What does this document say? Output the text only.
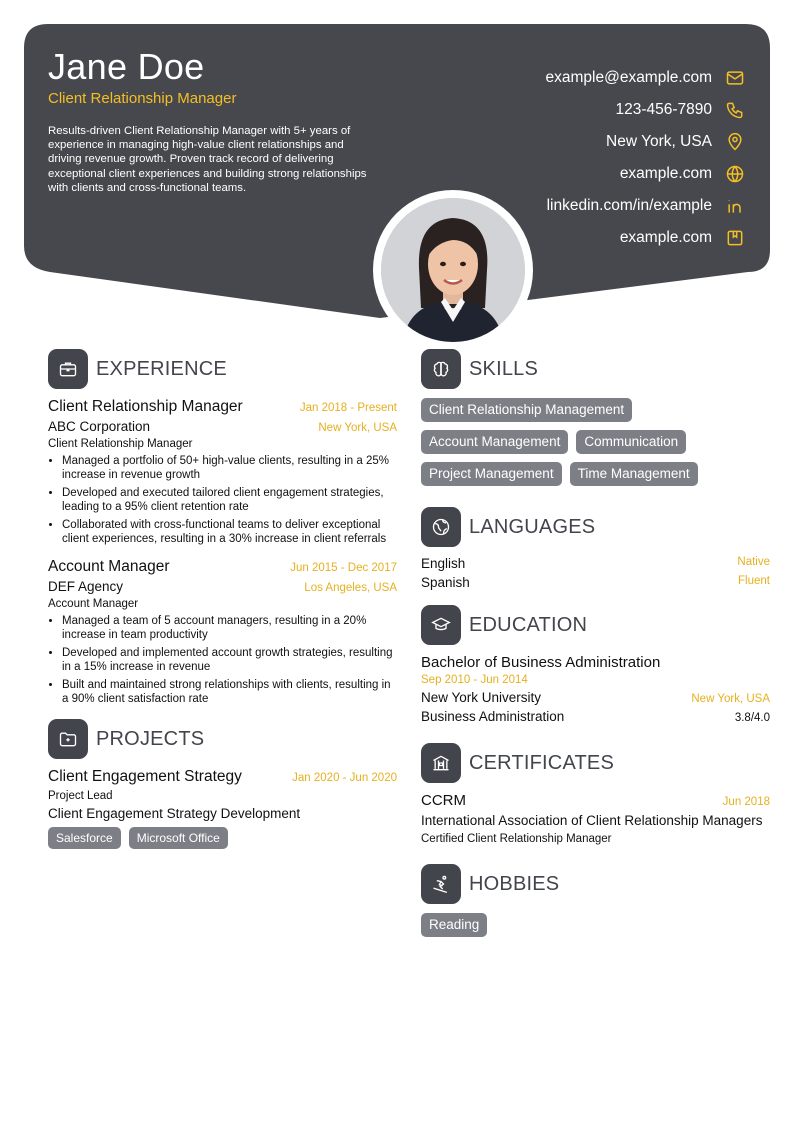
Jane Doe
Client Relationship Manager
Results-driven Client Relationship Manager with 5+ years of experience in managing high-value client relationships and driving revenue growth. Proven track record of delivering exceptional client experiences and building strong relationships with clients and cross-functional teams.
example@example.com
123-456-7890
New York, USA
example.com
linkedin.com/in/example
example.com
EXPERIENCE
Client Relationship Manager	Jan 2018 - Present
ABC Corporation	New York, USA
Client Relationship Manager
• Managed a portfolio of 50+ high-value clients, resulting in a 25% increase in revenue growth
• Developed and executed tailored client engagement strategies, leading to a 95% client retention rate
• Collaborated with cross-functional teams to deliver exceptional client experiences, resulting in a 30% increase in client referrals
Account Manager	Jun 2015 - Dec 2017
DEF Agency	Los Angeles, USA
Account Manager
• Managed a team of 5 account managers, resulting in a 20% increase in team productivity
• Developed and implemented account growth strategies, resulting in a 15% increase in revenue
• Built and maintained strong relationships with clients, resulting in a 90% client satisfaction rate
PROJECTS
Client Engagement Strategy	Jan 2020 - Jun 2020
Project Lead
Client Engagement Strategy Development
Salesforce	Microsoft Office
SKILLS
Client Relationship Management
Account Management	Communication
Project Management	Time Management
LANGUAGES
English	Native
Spanish	Fluent
EDUCATION
Bachelor of Business Administration
Sep 2010 - Jun 2014
New York University	New York, USA
Business Administration	3.8/4.0
CERTIFICATES
CCRM	Jun 2018
International Association of Client Relationship Managers
Certified Client Relationship Manager
HOBBIES
Reading
